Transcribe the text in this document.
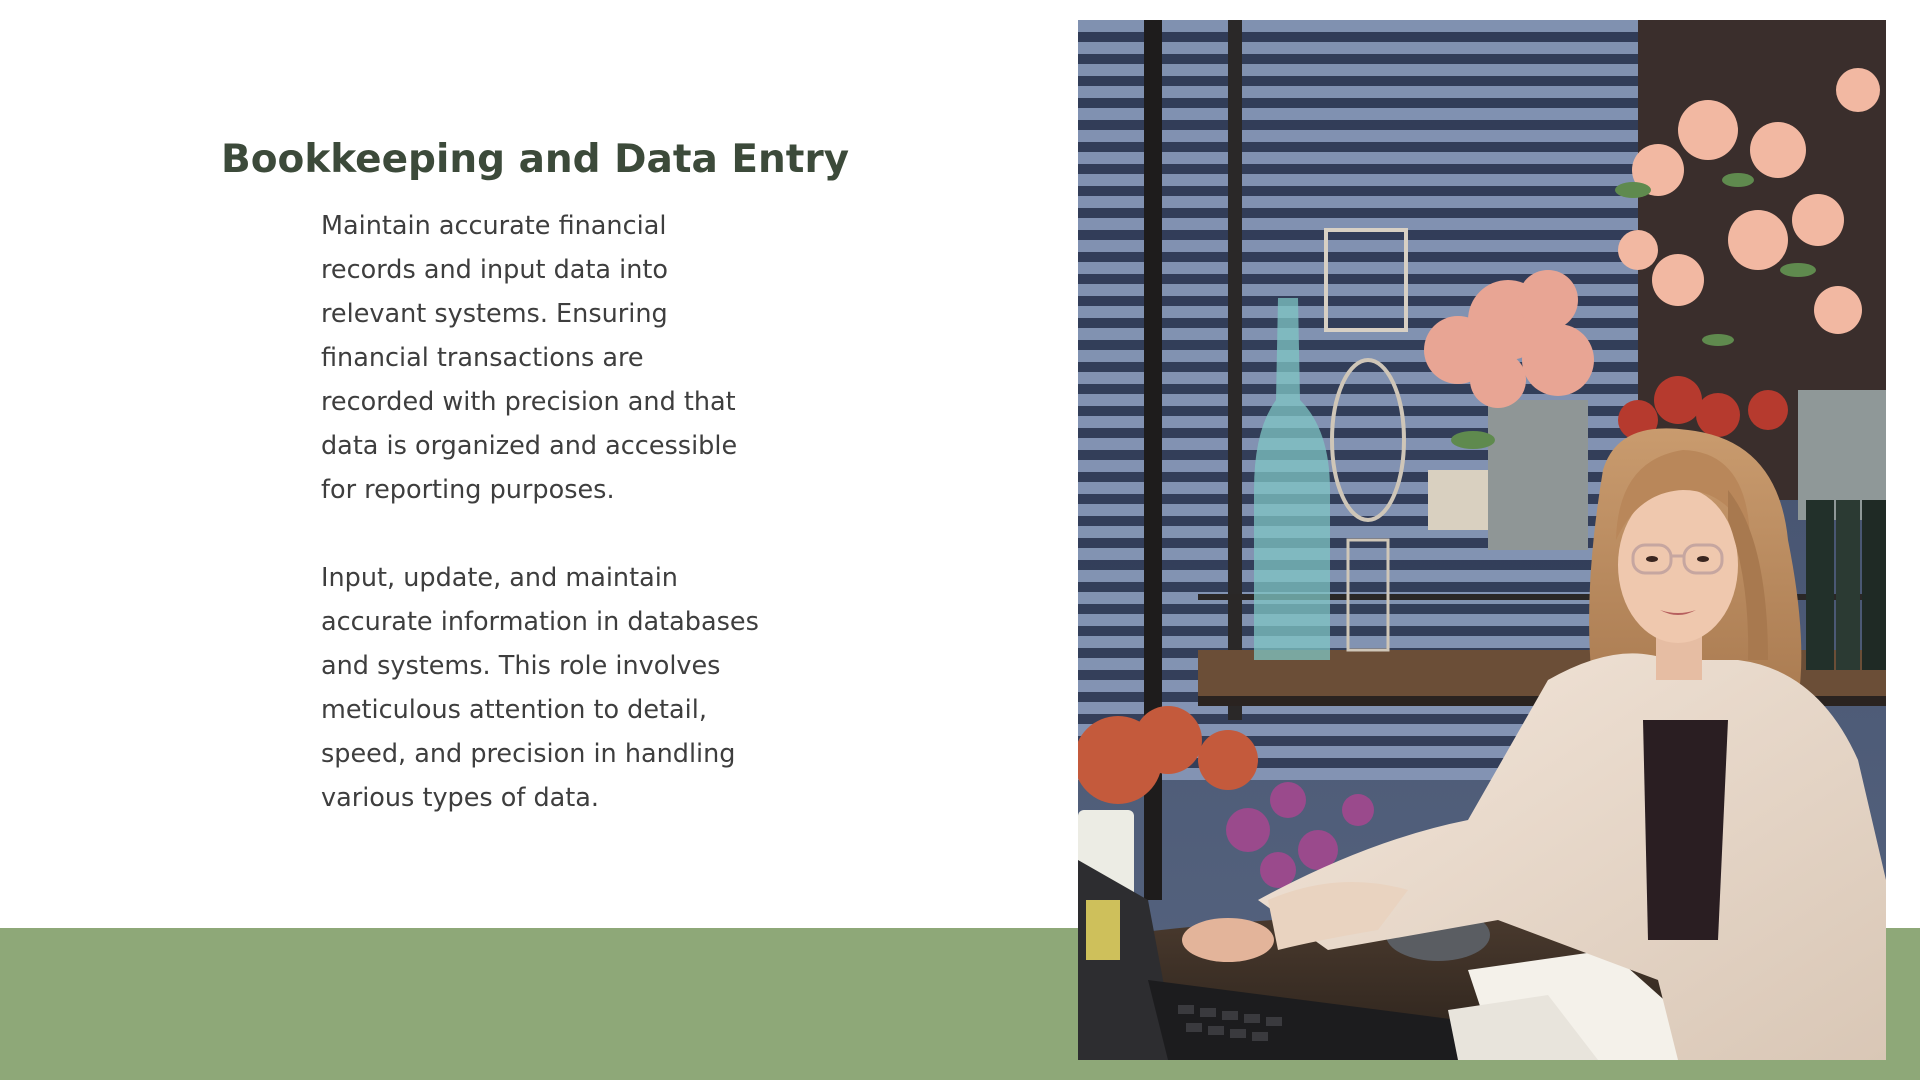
Bookkeeping and Data Entry

Maintain accurate financial records and input data into relevant systems. Ensuring financial transactions are recorded with precision and that data is organized and accessible for reporting purposes.

Input, update, and maintain accurate information in databases and systems. This role involves meticulous attention to detail, speed, and precision in handling various types of data.
